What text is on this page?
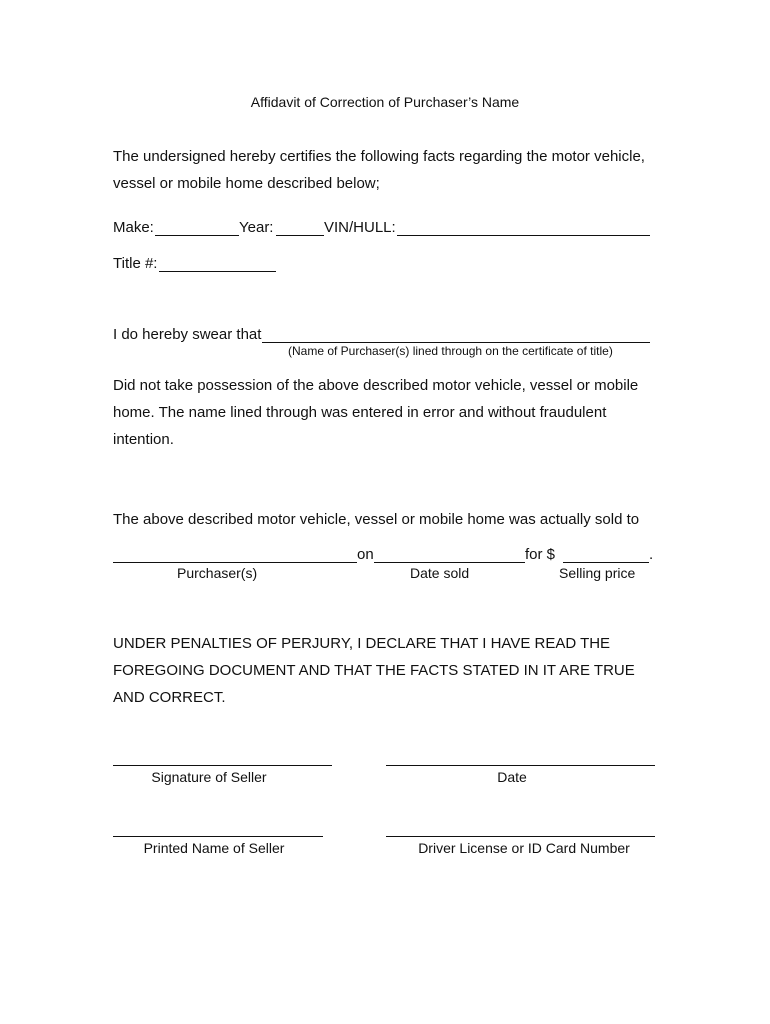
Affidavit of Correction of Purchaser’s Name
The undersigned hereby certifies the following facts regarding the motor vehicle,
vessel or mobile home described below;
Make:	Year:	VIN/HULL:
Title #:
I do hereby swear that
(Name of Purchaser(s) lined through on the certificate of title)
Did not take possession of the above described motor vehicle, vessel or mobile
home. The name lined through was entered in error and without fraudulent
intention.
The above described motor vehicle, vessel or mobile home was actually sold to
on	for $	.
Purchaser(s)	Date sold	Selling price
UNDER PENALTIES OF PERJURY, I DECLARE THAT I HAVE READ THE
FOREGOING DOCUMENT AND THAT THE FACTS STATED IN IT ARE TRUE
AND CORRECT.
Signature of Seller	Date
Printed Name of Seller	Driver License or ID Card Number
